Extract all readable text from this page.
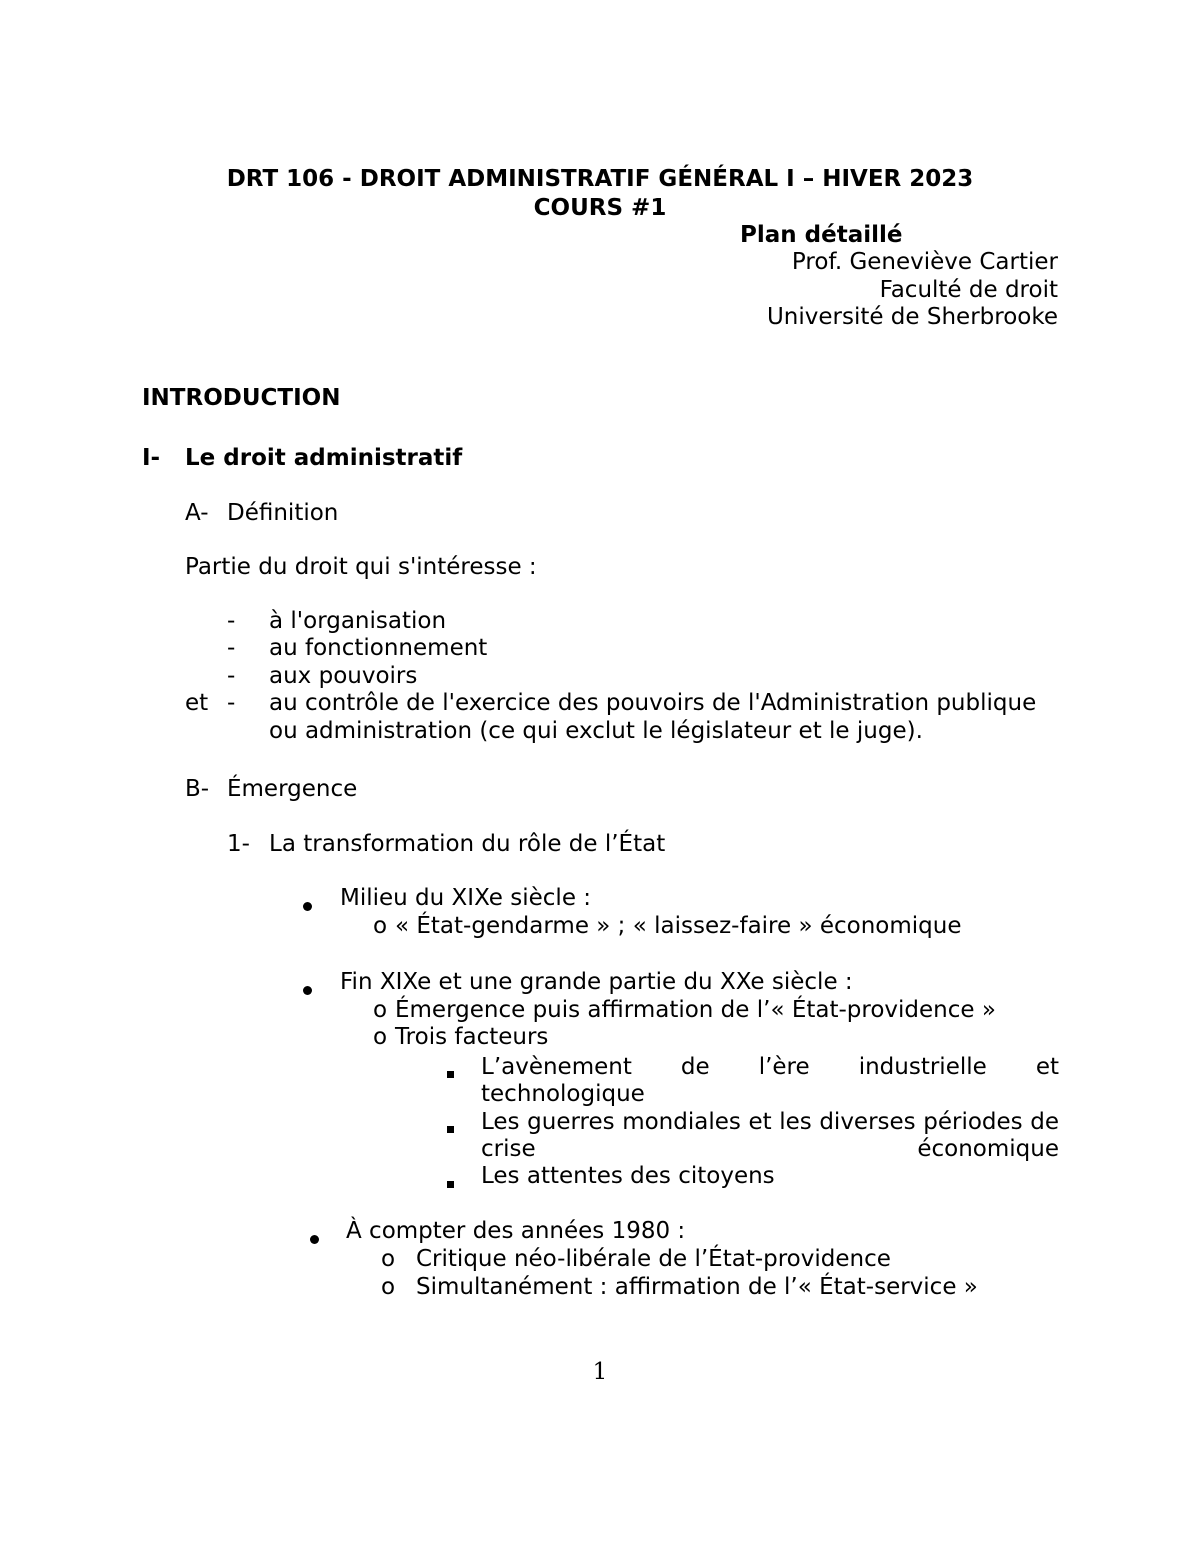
DRT 106 - DROIT ADMINISTRATIF GÉNÉRAL I – HIVER 2023
COURS #1
Plan détaillé
Prof. Geneviève Cartier
Faculté de droit
Université de Sherbrooke
INTRODUCTION
I- Le droit administratif
A- Définition
Partie du droit qui s'intéresse :
- à l'organisation
- au fonctionnement
- aux pouvoirs
et - au contrôle de l'exercice des pouvoirs de l'Administration publique
ou administration (ce qui exclut le législateur et le juge).
B- Émergence
1- La transformation du rôle de l’État
Milieu du XIXe siècle :
o « État-gendarme » ; « laissez-faire » économique
Fin XIXe et une grande partie du XXe siècle :
o Émergence puis affirmation de l’« État-providence »
o Trois facteurs
L’avènement de l’ère industrielle et technologique
Les guerres mondiales et les diverses périodes de crise économique
Les attentes des citoyens
À compter des années 1980 :
o Critique néo-libérale de l’État-providence
o Simultanément : affirmation de l’« État-service »
1
